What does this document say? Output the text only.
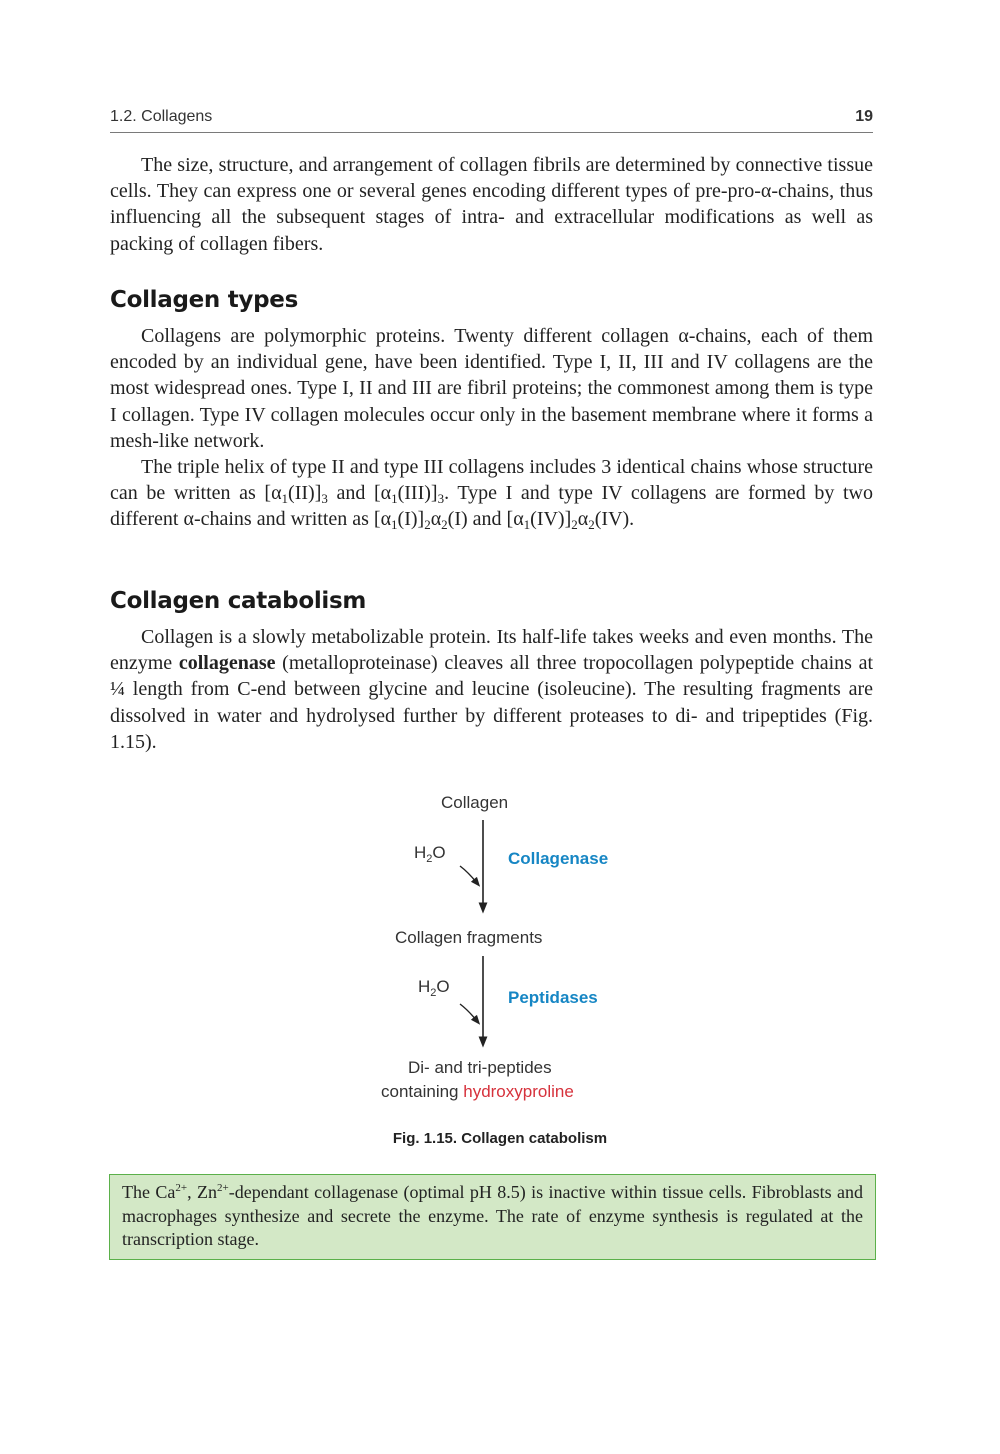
1.2. Collagens	19

The size, structure, and arrangement of collagen fibrils are determined by connective tissue cells. They can express one or several genes encoding different types of pre-pro-α-chains, thus influencing all the subsequent stages of intra- and extracellular modifications as well as packing of collagen fibers.

Collagen types

Collagens are polymorphic proteins. Twenty different collagen α-chains, each of them encoded by an individual gene, have been identified. Type I, II, III and IV collagens are the most widespread ones. Type I, II and III are fibril proteins; the commonest among them is type I collagen. Type IV collagen molecules occur only in the basement membrane where it forms a mesh-like network.

The triple helix of type II and type III collagens includes 3 identical chains whose structure can be written as $[\alpha_1(II)]_3$ and $[\alpha_1(III)]_3$. Type I and type IV collagens are formed by two different α-chains and written as $[\alpha_1(I)]_2\alpha_2(I)$ and $[\alpha_1(IV)]_2\alpha_2(IV)$.

Collagen catabolism

Collagen is a slowly metabolizable protein. Its half-life takes weeks and even months. The enzyme collagenase (metalloproteinase) cleaves all three tropocollagen polypeptide chains at ¼ length from C-end between glycine and leucine (isoleucine). The resulting fragments are dissolved in water and hydrolysed further by different proteases to di- and tripeptides (Fig. 1.15).

Collagen
$H_2O$	Collagenase
Collagen fragments
$H_2O$
Peptidases
Di- and tri-peptides
containing hydroxyproline
Fig. 1.15. Collagen catabolism
The $Ca^{2+}$, $Zn^{2+}$-dependant collagenase (optimal pH 8.5) is inactive within tissue cells. Fibroblasts and macrophages synthesize and secrete the enzyme. The rate of enzyme synthesis is regulated at the transcription stage.
